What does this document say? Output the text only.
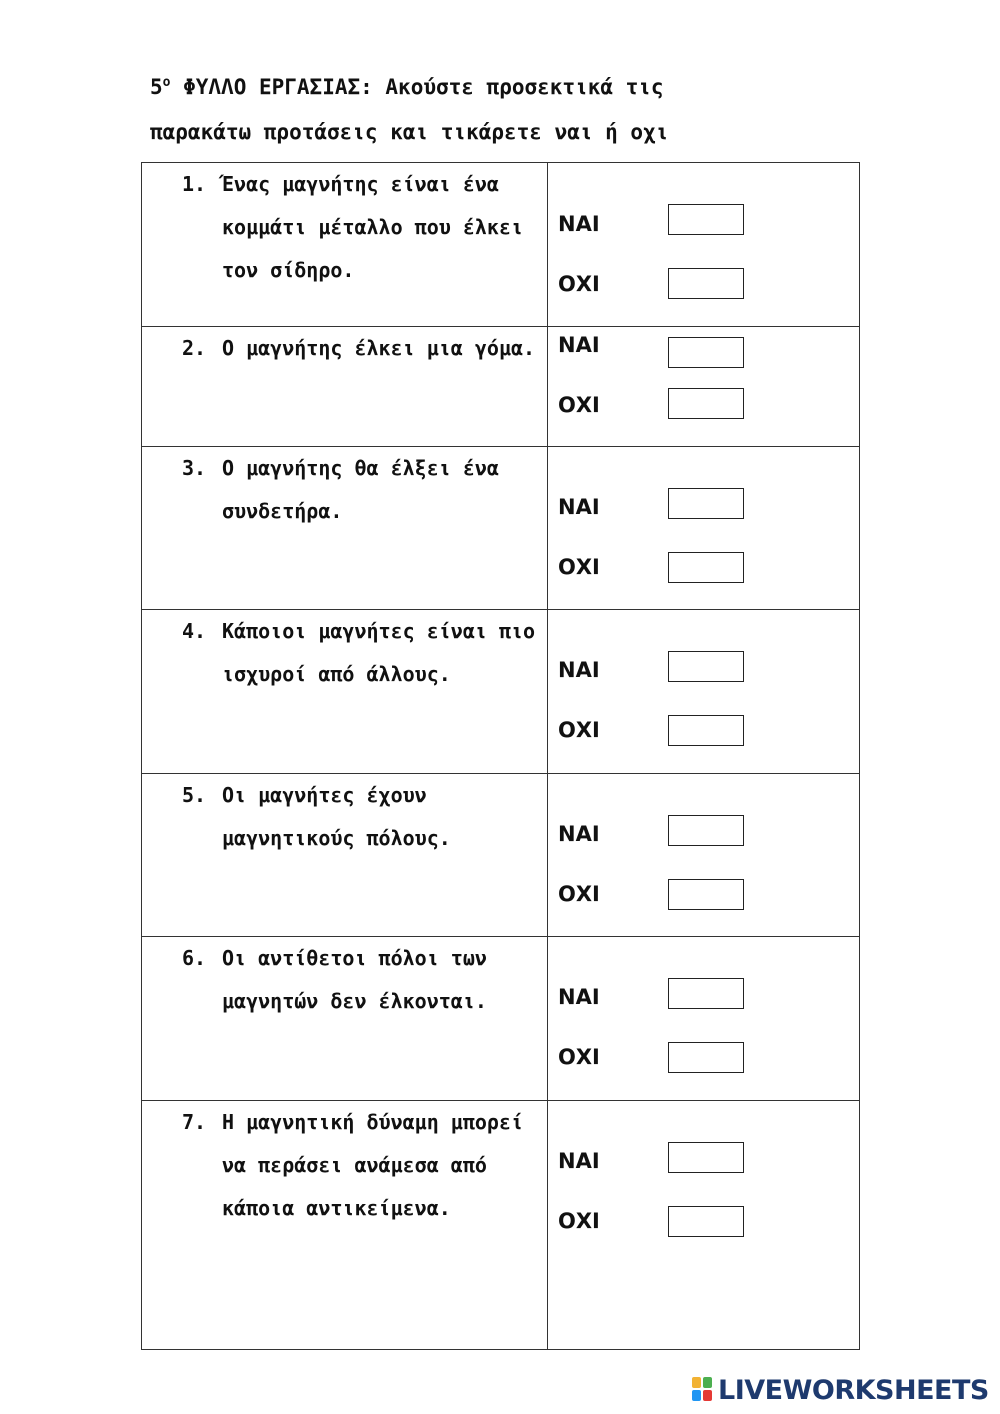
$5^o$ ΦΥΛΛΟ ΕΡΓΑΣΙΑΣ: Ακούστε προσεκτικά τις
παρακάτω προτάσεις και τικάρετε ναι ή οχι
1. Ένας μαγνήτης είναι ένα κομμάτι μέταλλο που έλκει τον σίδηρο.	ΝΑΙ
ΟΧΙ

2. Ο μαγνήτης έλκει μια γόμα.	ΝΑΙ
ΟΧΙ

3. Ο μαγνήτης θα έλξει ένα συνδετήρα.	ΝΑΙ
ΟΧΙ

4. Κάποιοι μαγνήτες είναι πιο ισχυροί από άλλους.	ΝΑΙ
ΟΧΙ

5. Οι μαγνήτες έχουν μαγνητικούς πόλους.	ΝΑΙ
ΟΧΙ

6. Οι αντίθετοι πόλοι των μαγνητών δεν έλκονται.	ΝΑΙ
ΟΧΙ

7. Η μαγνητική δύναμη μπορεί να περάσει ανάμεσα από κάποια αντικείμενα.	ΝΑΙ
ΟΧΙ
LIVEWORKSHEETS
